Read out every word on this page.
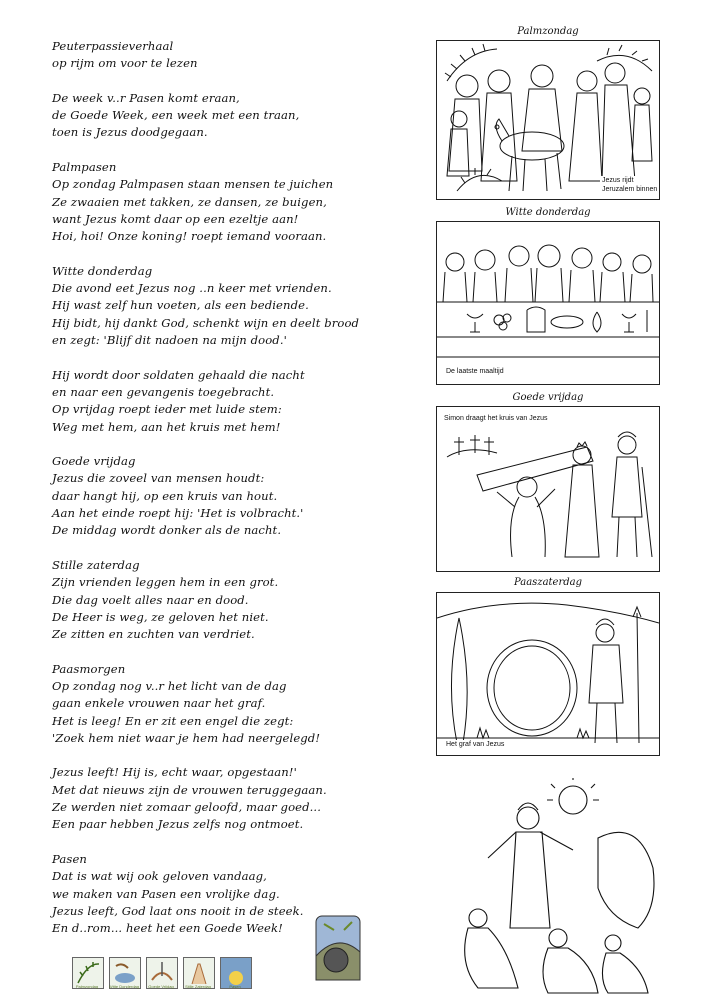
Peuterpassieverhaal
op rijm om voor te lezen
De week v..r Pasen komt eraan,
de Goede Week, een week met een traan,
toen is Jezus doodgegaan.
Palmpasen
Op zondag Palmpasen staan mensen te juichen
Ze zwaaien met takken, ze dansen, ze buigen,
want Jezus komt daar op een ezeltje aan!
Hoi, hoi! Onze koning! roept iemand vooraan.
Witte donderdag
Die avond eet Jezus nog ..n keer met vrienden.
Hij wast zelf hun voeten, als een bediende.
Hij bidt, hij dankt God, schenkt wijn en deelt brood
en zegt: 'Blijf dit nadoen na mijn dood.'
Hij wordt door soldaten gehaald die nacht
en naar een gevangenis toegebracht.
Op vrijdag roept ieder met luide stem:
Weg met hem, aan het kruis met hem!
Goede vrijdag
Jezus die zoveel van mensen houdt:
daar hangt hij, op een kruis van hout.
Aan het einde roept hij: 'Het is volbracht.'
De middag wordt donker als de nacht.
Stille zaterdag
Zijn vrienden leggen hem in een grot.
Die dag voelt alles naar en dood.
De Heer is weg, ze geloven het niet.
Ze zitten en zuchten van verdriet.
Paasmorgen
Op zondag nog v..r het licht van de dag
gaan enkele vrouwen naar het graf.
Het is leeg! En er zit een engel die zegt:
'Zoek hem niet waar je hem had neergelegd!
Jezus leeft! Hij is, echt waar, opgestaan!'
Met dat nieuws zijn de vrouwen teruggegaan.
Ze werden niet zomaar geloofd, maar goed...
Een paar hebben Jezus zelfs nog ontmoet.
Pasen
Dat is wat wij ook geloven vandaag,
we maken van Pasen een vrolijke dag.
Jezus leeft, God laat ons nooit in de steek.
En d..rom... heet het een Goede Week!
Palmzondag
Jezus rijdt
Jeruzalem binnen
Witte donderdag
De laatste maaltijd
Goede vrijdag
Simon draagt het kruis van Jezus
Paaszaterdag
Het graf van Jezus
Palmzondag	Witte Donderdag	Goede Vrijdag	Stille Zaterdag	Pasen
